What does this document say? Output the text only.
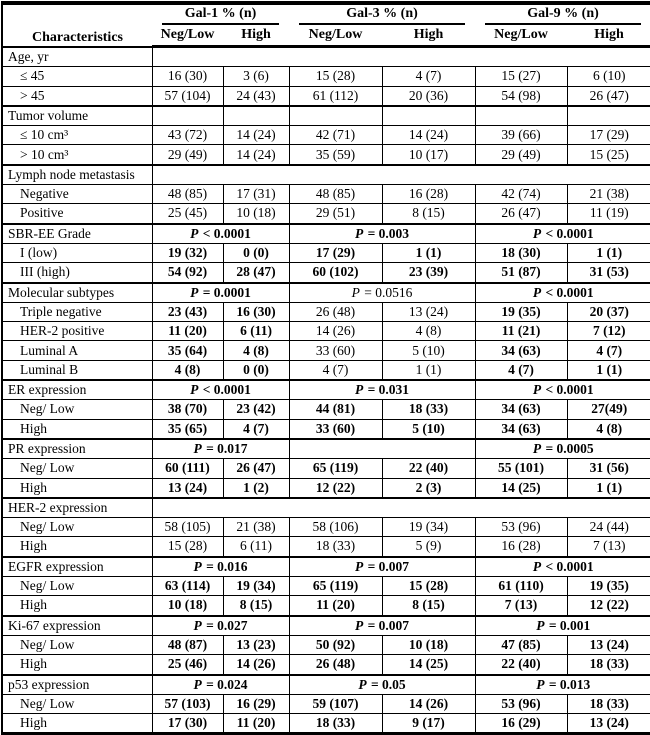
Characteristics	Gal-1 % (n)		Gal-3 % (n)		Gal-9 % (n)	

	Neg/Low	High	Neg/Low	High	Neg/Low	High
Age, yr						
≤ 45	16 (30)	3 (6)	15 (28)	4 (7)	15 (27)	6 (10)
> 45	57 (104)	24 (43)	61 (112)	20 (36)	54 (98)	26 (47)
Tumor volume						
≤ 10 cm³	43 (72)	14 (24)	42 (71)	14 (24)	39 (66)	17 (29)
> 10 cm³	29 (49)	14 (24)	35 (59)	10 (17)	29 (49)	15 (25)
Lymph node metastasis						
Negative	48 (85)	17 (31)	48 (85)	16 (28)	42 (74)	21 (38)
Positive	25 (45)	10 (18)	29 (51)	8 (15)	26 (47)	11 (19)
SBR-EE Grade	P < 0.0001		P = 0.003		P < 0.0001	
I (low)	19 (32)	0 (0)	17 (29)	1 (1)	18 (30)	1 (1)
III (high)	54 (92)	28 (47)	60 (102)	23 (39)	51 (87)	31 (53)
Molecular subtypes	P = 0.0001		P = 0.0516		P < 0.0001	
Triple negative	23 (43)	16 (30)	26 (48)	13 (24)	19 (35)	20 (37)
HER-2 positive	11 (20)	6 (11)	14 (26)	4 (8)	11 (21)	7 (12)
Luminal A	35 (64)	4 (8)	33 (60)	5 (10)	34 (63)	4 (7)
Luminal B	4 (8)	0 (0)	4 (7)	1 (1)	4 (7)	1 (1)
ER expression	P < 0.0001		P = 0.031		P < 0.0001	
Neg/ Low	38 (70)	23 (42)	44 (81)	18 (33)	34 (63)	27(49)
High	35 (65)	4 (7)	33 (60)	5 (10)	34 (63)	4 (8)
PR expression	P = 0.017				P = 0.0005	
Neg/ Low	60 (111)	26 (47)	65 (119)	22 (40)	55 (101)	31 (56)
High	13 (24)	1 (2)	12 (22)	2 (3)	14 (25)	1 (1)
HER-2 expression						
Neg/ Low	58 (105)	21 (38)	58 (106)	19 (34)	53 (96)	24 (44)
High	15 (28)	6 (11)	18 (33)	5 (9)	16 (28)	7 (13)
EGFR expression	P = 0.016		P = 0.007		P < 0.0001	
Neg/ Low	63 (114)	19 (34)	65 (119)	15 (28)	61 (110)	19 (35)
High	10 (18)	8 (15)	11 (20)	8 (15)	7 (13)	12 (22)
Ki-67 expression	P = 0.027		P = 0.007		P = 0.001	
Neg/ Low	48 (87)	13 (23)	50 (92)	10 (18)	47 (85)	13 (24)
High	25 (46)	14 (26)	26 (48)	14 (25)	22 (40)	18 (33)
p53 expression	P = 0.024		P = 0.05		P = 0.013	
Neg/ Low	57 (103)	16 (29)	59 (107)	14 (26)	53 (96)	18 (33)
High	17 (30)	11 (20)	18 (33)	9 (17)	16 (29)	13 (24)
